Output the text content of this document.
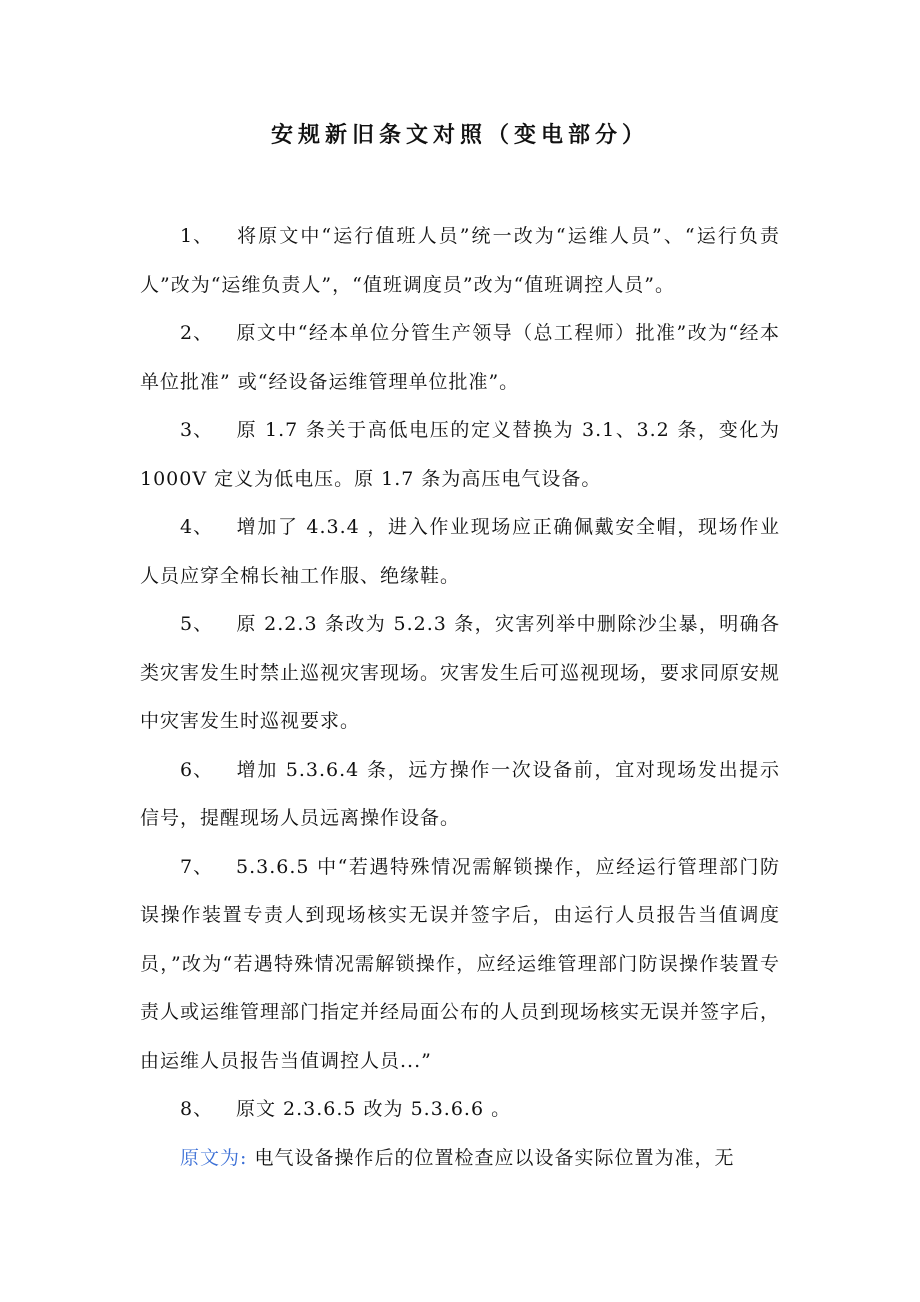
安规新旧条文对照（变电部分）

1、 将原文中“运行值班人员”统一改为“运维人员”、“运行负责人”改为“运维负责人”，“值班调度员”改为“值班调控人员”。

2、 原文中“经本单位分管生产领导（总工程师）批准”改为“经本单位批准” 或“经设备运维管理单位批准”。

3、 原 1.7 条关于高低电压的定义替换为 3.1、3.2 条，变化为 1000V 定义为低电压。原 1.7 条为高压电气设备。

4、 增加了 4.3.4 ，进入作业现场应正确佩戴安全帽，现场作业人员应穿全棉长袖工作服、绝缘鞋。

5、 原 2.2.3 条改为 5.2.3 条，灾害列举中删除沙尘暴，明确各类灾害发生时禁止巡视灾害现场。灾害发生后可巡视现场，要求同原安规中灾害发生时巡视要求。

6、 增加 5.3.6.4 条，远方操作一次设备前，宜对现场发出提示信号，提醒现场人员远离操作设备。

7、 5.3.6.5 中“若遇特殊情况需解锁操作，应经运行管理部门防误操作装置专责人到现场核实无误并签字后，由运行人员报告当值调度员，”改为“若遇特殊情况需解锁操作，应经运维管理部门防误操作装置专责人或运维管理部门指定并经局面公布的人员到现场核实无误并签字后，由运维人员报告当值调控人员...”

8、 原文 2.3.6.5 改为 5.3.6.6 。

原文为: 电气设备操作后的位置检查应以设备实际位置为准，无
